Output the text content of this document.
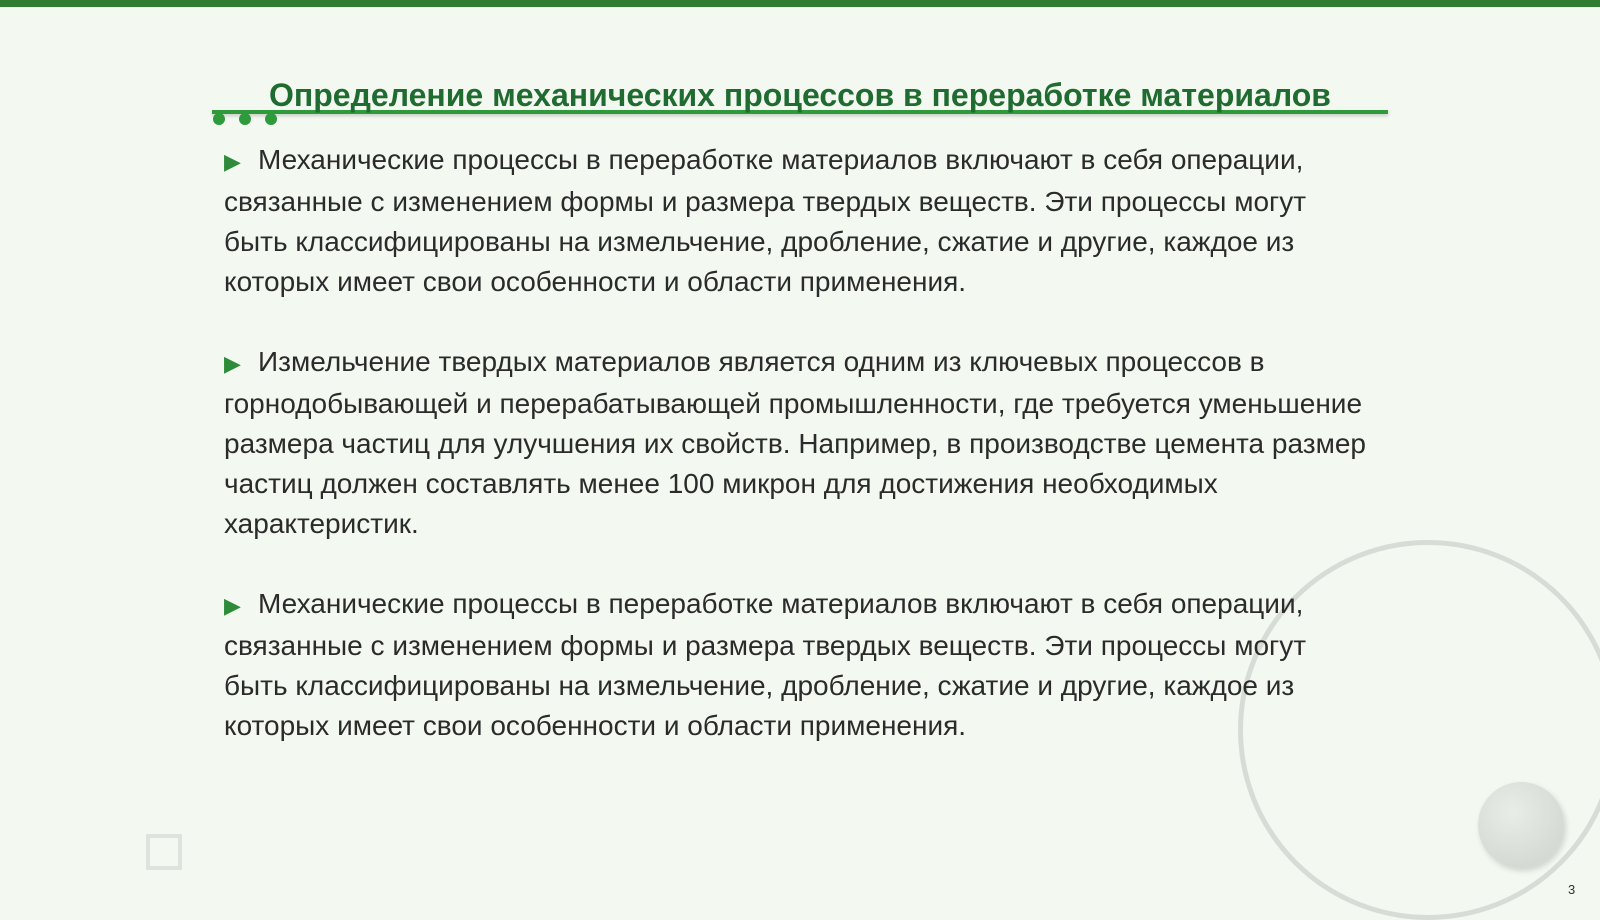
Определение механических процессов в переработке материалов

▶ Механические процессы в переработке материалов включают в себя операции, связанные с изменением формы и размера твердых веществ. Эти процессы могут быть классифицированы на измельчение, дробление, сжатие и другие, каждое из которых имеет свои особенности и области применения.

▶ Измельчение твердых материалов является одним из ключевых процессов в горнодобывающей и перерабатывающей промышленности, где требуется уменьшение размера частиц для улучшения их свойств. Например, в производстве цемента размер частиц должен составлять менее 100 микрон для достижения необходимых характеристик.

▶ Механические процессы в переработке материалов включают в себя операции, связанные с изменением формы и размера твердых веществ. Эти процессы могут быть классифицированы на измельчение, дробление, сжатие и другие, каждое из которых имеет свои особенности и области применения.

3
